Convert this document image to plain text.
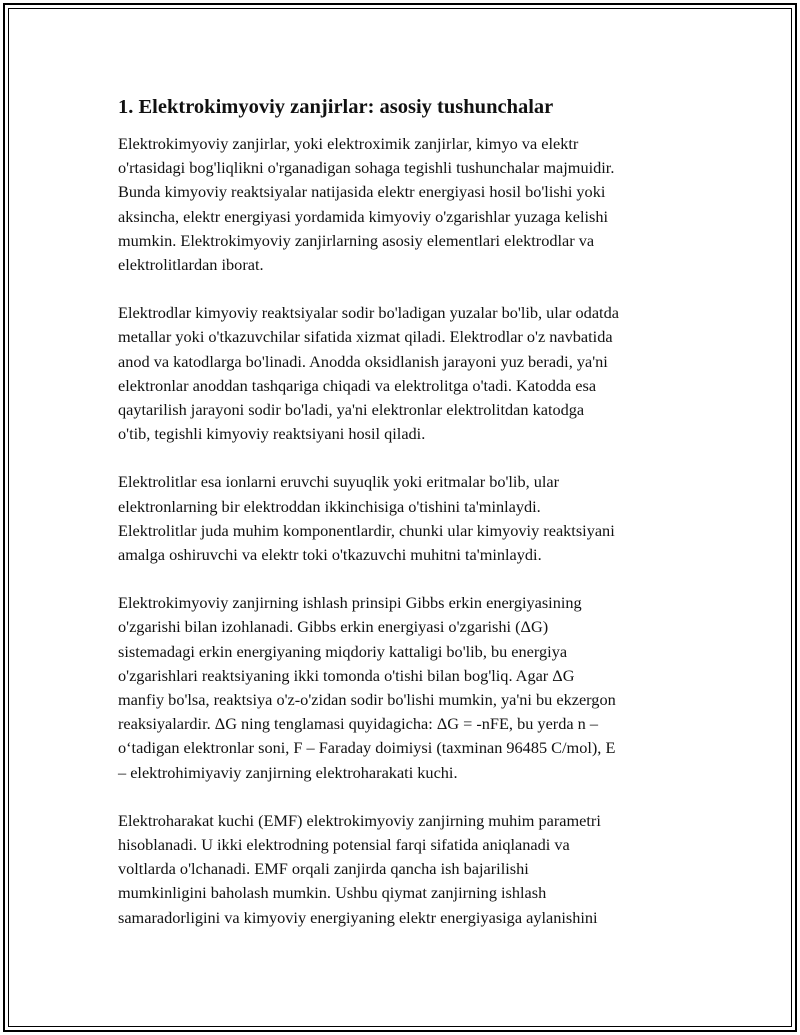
1. Elektrokimyoviy zanjirlar: asosiy tushunchalar

Elektrokimyoviy zanjirlar, yoki elektroximik zanjirlar, kimyo va elektr
o'rtasidagi bog'liqlikni o'rganadigan sohaga tegishli tushunchalar majmuidir.
Bunda kimyoviy reaktsiyalar natijasida elektr energiyasi hosil bo'lishi yoki
aksincha, elektr energiyasi yordamida kimyoviy o'zgarishlar yuzaga kelishi
mumkin. Elektrokimyoviy zanjirlarning asosiy elementlari elektrodlar va
elektrolitlardan iborat.

Elektrodlar kimyoviy reaktsiyalar sodir bo'ladigan yuzalar bo'lib, ular odatda
metallar yoki o'tkazuvchilar sifatida xizmat qiladi. Elektrodlar o'z navbatida
anod va katodlarga bo'linadi. Anodda oksidlanish jarayoni yuz beradi, ya'ni
elektronlar anoddan tashqariga chiqadi va elektrolitga o'tadi. Katodda esa
qaytarilish jarayoni sodir bo'ladi, ya'ni elektronlar elektrolitdan katodga
o'tib, tegishli kimyoviy reaktsiyani hosil qiladi.

Elektrolitlar esa ionlarni eruvchi suyuqlik yoki eritmalar bo'lib, ular
elektronlarning bir elektroddan ikkinchisiga o'tishini ta'minlaydi.
Elektrolitlar juda muhim komponentlardir, chunki ular kimyoviy reaktsiyani
amalga oshiruvchi va elektr toki o'tkazuvchi muhitni ta'minlaydi.

Elektrokimyoviy zanjirning ishlash prinsipi Gibbs erkin energiyasining
o'zgarishi bilan izohlanadi. Gibbs erkin energiyasi o'zgarishi (ΔG)
sistemadagi erkin energiyaning miqdoriy kattaligi bo'lib, bu energiya
o'zgarishlari reaktsiyaning ikki tomonda o'tishi bilan bog'liq. Agar ΔG
manfiy bo'lsa, reaktsiya o'z-o'zidan sodir bo'lishi mumkin, ya'ni bu ekzergon
reaksiyalardir. ΔG ning tenglamasi quyidagicha: ΔG = -nFE, bu yerda n –
o‘tadigan elektronlar soni, F – Faraday doimiysi (taxminan 96485 C/mol), E
– elektrohimiyaviy zanjirning elektroharakati kuchi.

Elektroharakat kuchi (EMF) elektrokimyoviy zanjirning muhim parametri
hisoblanadi. U ikki elektrodning potensial farqi sifatida aniqlanadi va
voltlarda o'lchanadi. EMF orqali zanjirda qancha ish bajarilishi
mumkinligini baholash mumkin. Ushbu qiymat zanjirning ishlash
samaradorligini va kimyoviy energiyaning elektr energiyasiga aylanishini
